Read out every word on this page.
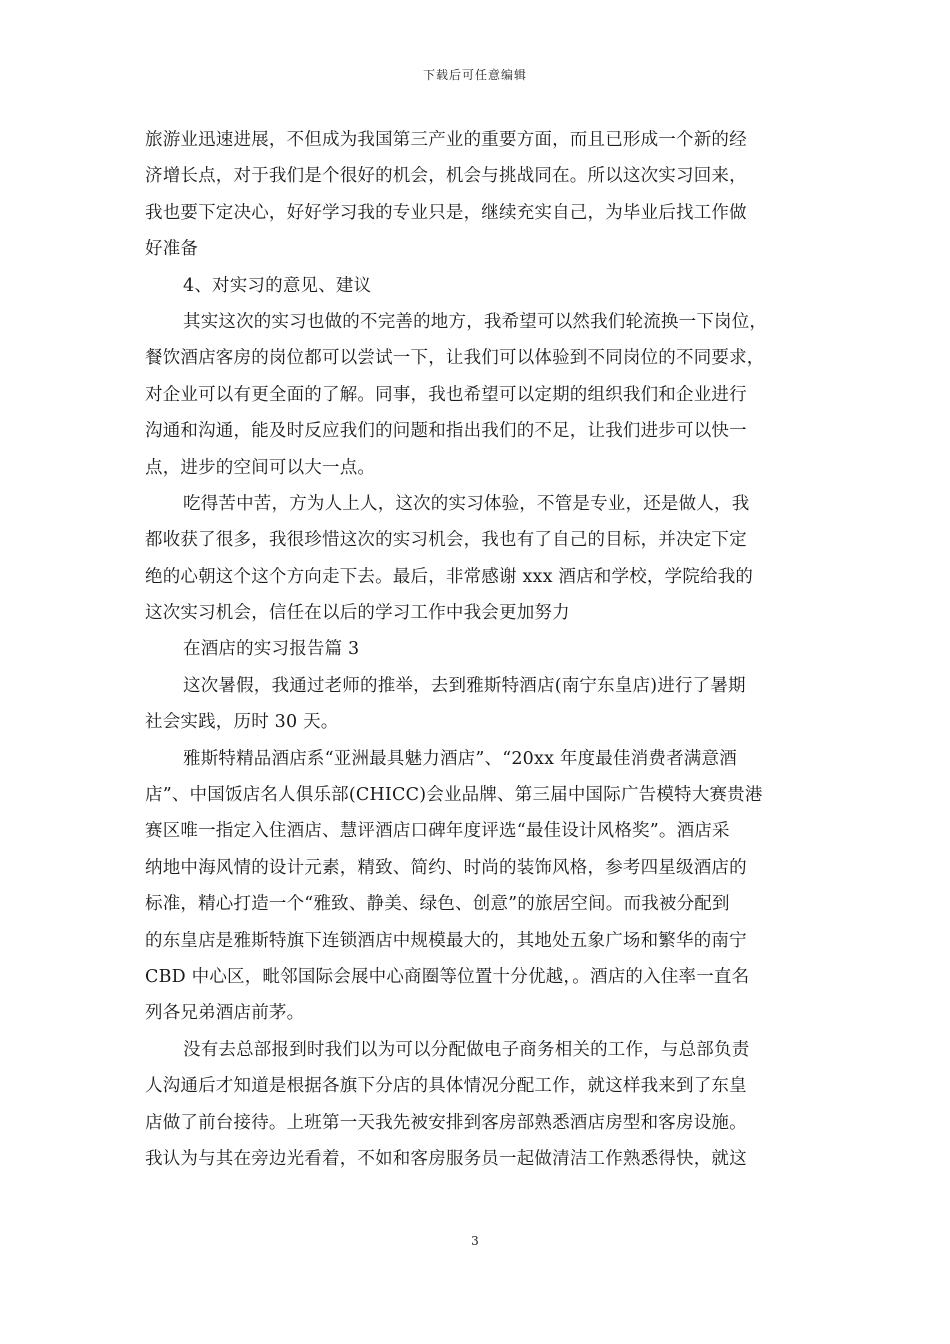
下载后可任意编辑
旅游业迅速进展，不但成为我国第三产业的重要方面，而且已形成一个新的经
济增长点，对于我们是个很好的机会，机会与挑战同在。所以这次实习回来，
我也要下定决心，好好学习我的专业只是，继续充实自己，为毕业后找工作做
好准备
4、对实习的意见、建议
其实这次的实习也做的不完善的地方，我希望可以然我们轮流换一下岗位，
餐饮酒店客房的岗位都可以尝试一下，让我们可以体验到不同岗位的不同要求，
对企业可以有更全面的了解。同事，我也希望可以定期的组织我们和企业进行
沟通和沟通，能及时反应我们的问题和指出我们的不足，让我们进步可以快一
点，进步的空间可以大一点。
吃得苦中苦，方为人上人，这次的实习体验，不管是专业，还是做人，我
都收获了很多，我很珍惜这次的实习机会，我也有了自己的目标，并决定下定
绝的心朝这个这个方向走下去。最后，非常感谢 xxx 酒店和学校，学院给我的
这次实习机会，信任在以后的学习工作中我会更加努力
在酒店的实习报告篇 3
这次暑假，我通过老师的推举，去到雅斯特酒店(南宁东皇店)进行了暑期
社会实践，历时 30 天。
雅斯特精品酒店系“亚洲最具魅力酒店”、“20xx 年度最佳消费者满意酒
店”、中国饭店名人俱乐部(CHICC)会业品牌、第三届中国际广告模特大赛贵港
赛区唯一指定入住酒店、慧评酒店口碑年度评选“最佳设计风格奖”。酒店采
纳地中海风情的设计元素，精致、简约、时尚的装饰风格，参考四星级酒店的
标准，精心打造一个“雅致、静美、绿色、创意”的旅居空间。而我被分配到
的东皇店是雅斯特旗下连锁酒店中规模最大的，其地处五象广场和繁华的南宁
CBD 中心区，毗邻国际会展中心商圈等位置十分优越，。酒店的入住率一直名
列各兄弟酒店前茅。
没有去总部报到时我们以为可以分配做电子商务相关的工作，与总部负责
人沟通后才知道是根据各旗下分店的具体情况分配工作，就这样我来到了东皇
店做了前台接待。上班第一天我先被安排到客房部熟悉酒店房型和客房设施。
我认为与其在旁边光看着，不如和客房服务员一起做清洁工作熟悉得快，就这
3
